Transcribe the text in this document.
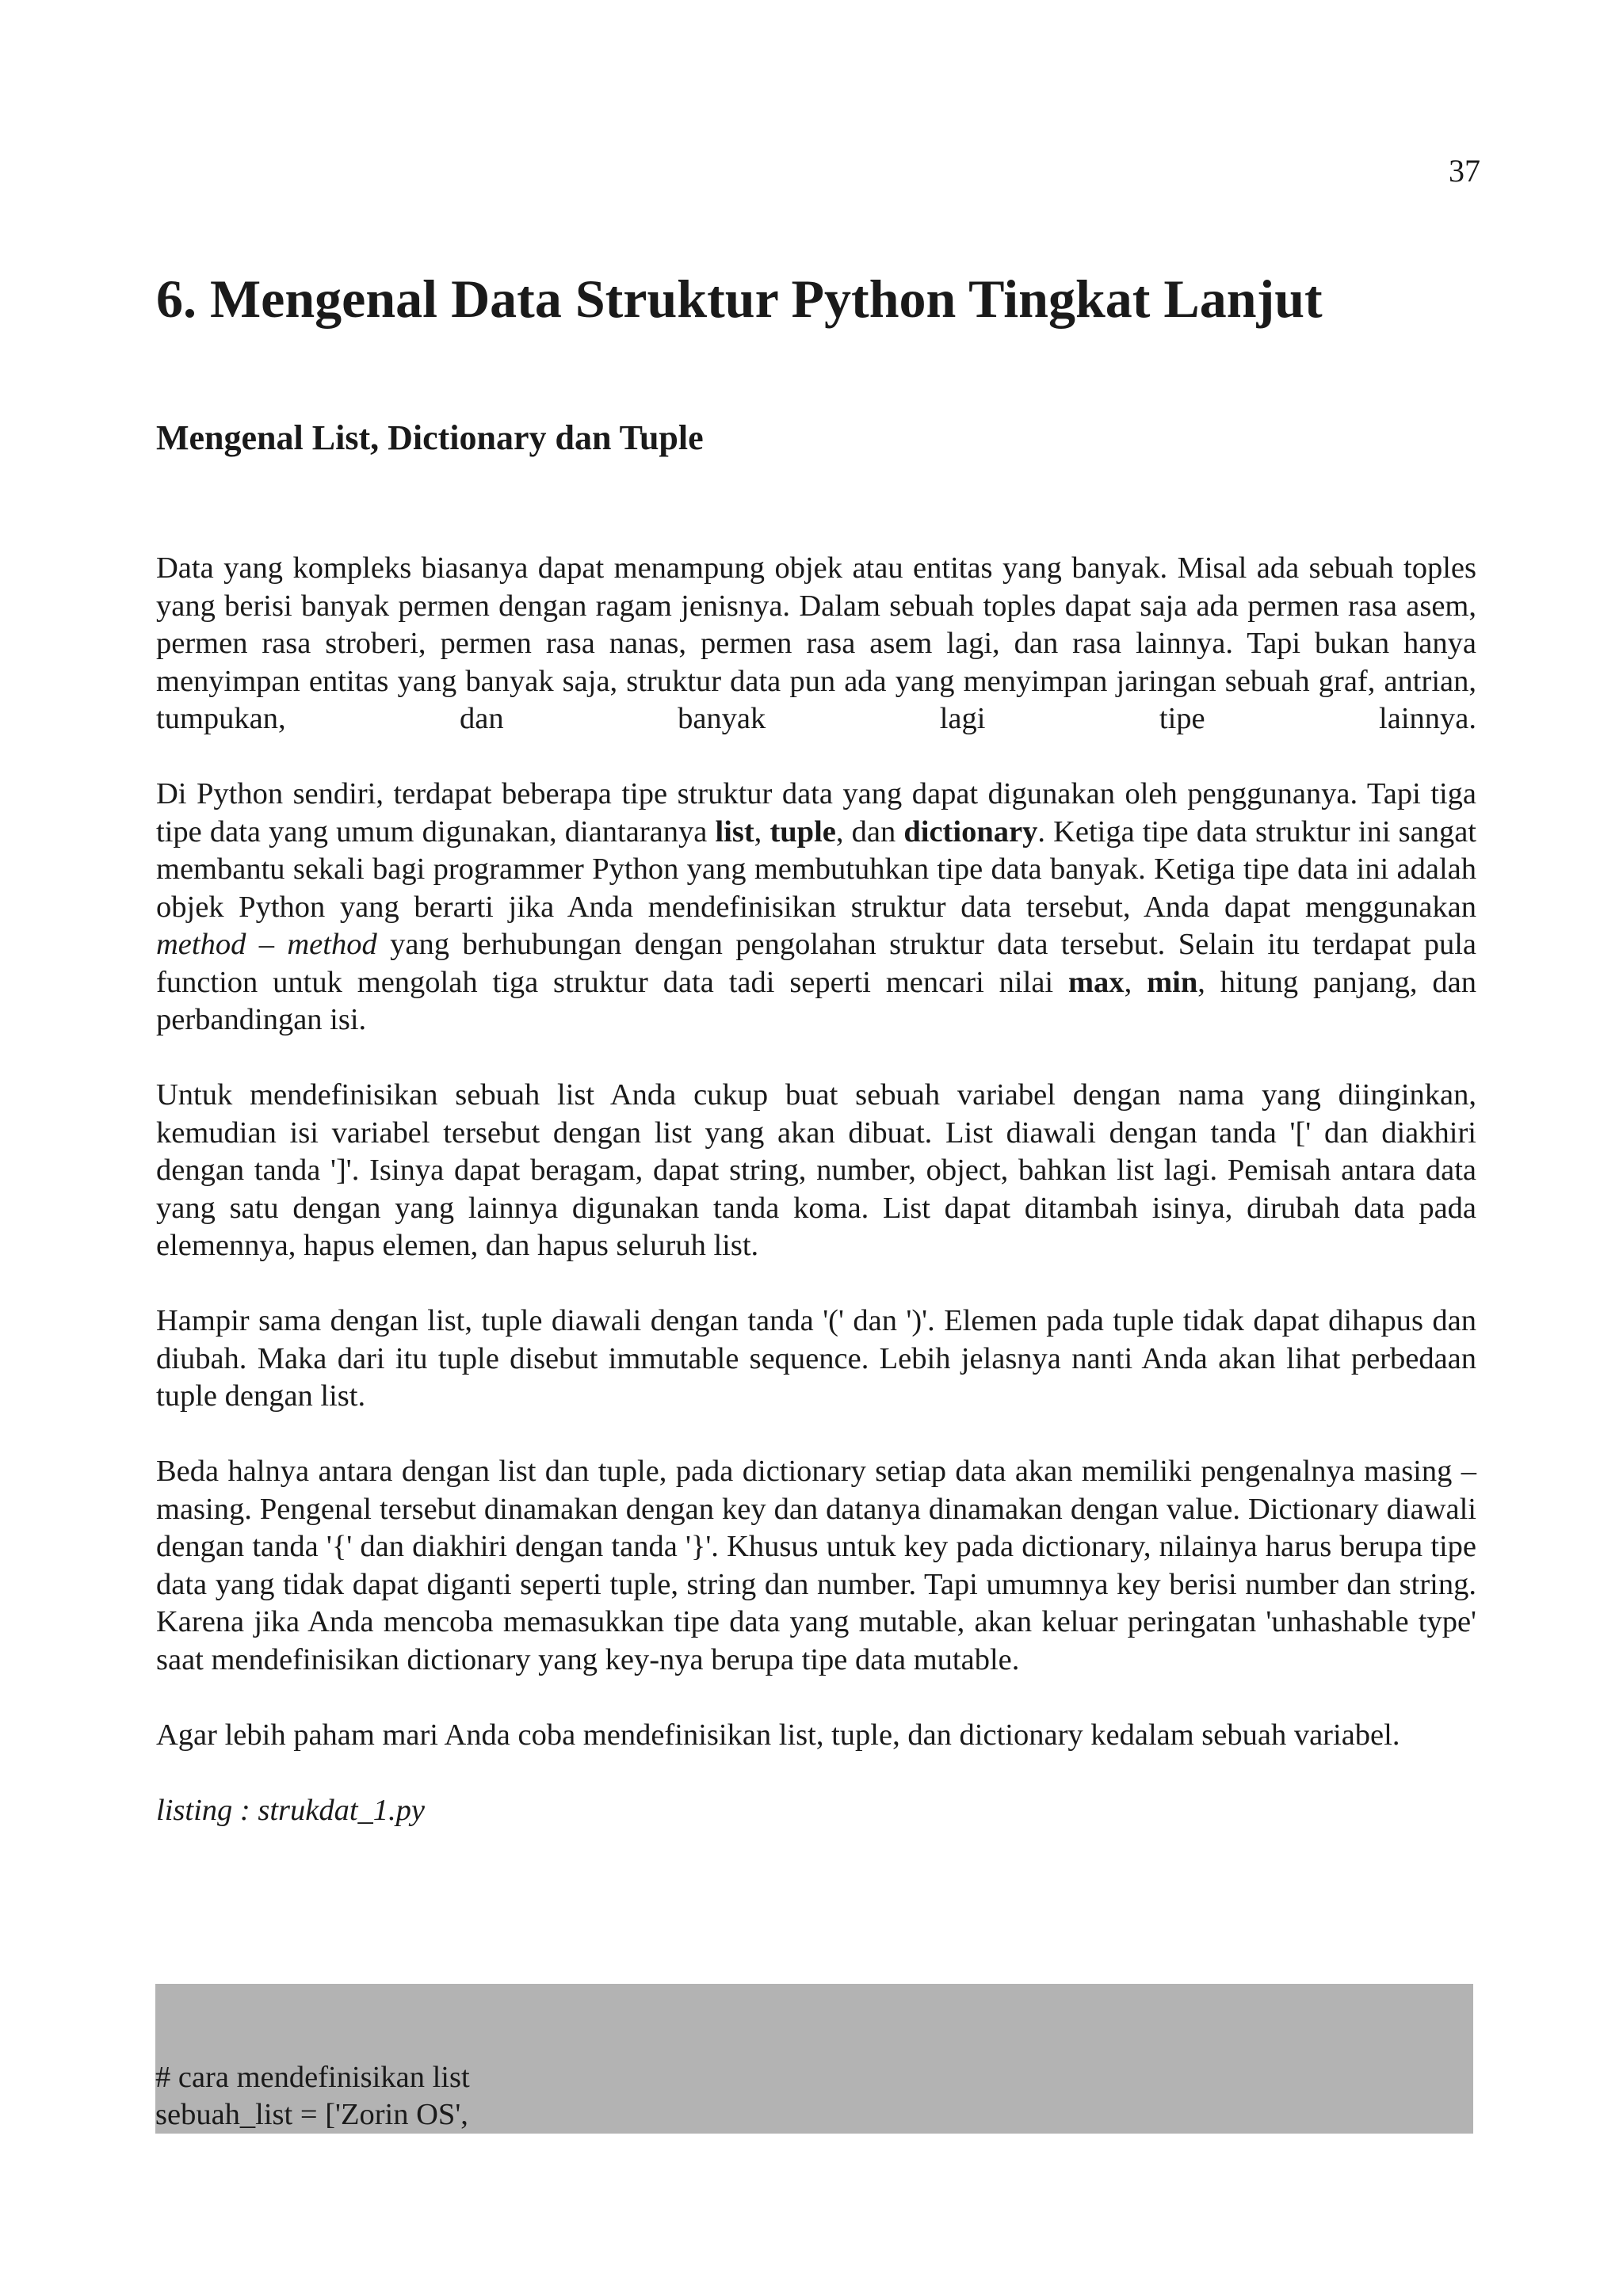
37
6. Mengenal Data Struktur Python Tingkat Lanjut
Mengenal List, Dictionary dan Tuple

Data yang kompleks biasanya dapat menampung objek atau entitas yang banyak. Misal ada sebuah toples yang berisi banyak permen dengan ragam jenisnya. Dalam sebuah toples dapat saja ada permen rasa asem, permen rasa stroberi, permen rasa nanas, permen rasa asem lagi, dan rasa lainnya. Tapi bukan hanya menyimpan entitas yang banyak saja, struktur data pun ada yang menyimpan jaringan sebuah graf, antrian, tumpukan, dan banyak lagi tipe lainnya.

Di Python sendiri, terdapat beberapa tipe struktur data yang dapat digunakan oleh penggunanya. Tapi tiga tipe data yang umum digunakan, diantaranya list, tuple, dan dictionary. Ketiga tipe data struktur ini sangat membantu sekali bagi programmer Python yang membutuhkan tipe data banyak. Ketiga tipe data ini adalah objek Python yang berarti jika Anda mendefinisikan struktur data tersebut, Anda dapat menggunakan method – method yang berhubungan dengan pengolahan struktur data tersebut. Selain itu terdapat pula function untuk mengolah tiga struktur data tadi seperti mencari nilai max, min, hitung panjang, dan perbandingan isi.

Untuk mendefinisikan sebuah list Anda cukup buat sebuah variabel dengan nama yang diinginkan, kemudian isi variabel tersebut dengan list yang akan dibuat. List diawali dengan tanda '[' dan diakhiri dengan tanda ']'. Isinya dapat beragam, dapat string, number, object, bahkan list lagi. Pemisah antara data yang satu dengan yang lainnya digunakan tanda koma. List dapat ditambah isinya, dirubah data pada elemennya, hapus elemen, dan hapus seluruh list.

Hampir sama dengan list, tuple diawali dengan tanda '(' dan ')'. Elemen pada tuple tidak dapat dihapus dan diubah. Maka dari itu tuple disebut immutable sequence. Lebih jelasnya nanti Anda akan lihat perbedaan tuple dengan list.

Beda halnya antara dengan list dan tuple, pada dictionary setiap data akan memiliki pengenalnya masing – masing. Pengenal tersebut dinamakan dengan key dan datanya dinamakan dengan value. Dictionary diawali dengan tanda '{' dan diakhiri dengan tanda '}'. Khusus untuk key pada dictionary, nilainya harus berupa tipe data yang tidak dapat diganti seperti tuple, string dan number. Tapi umumnya key berisi number dan string. Karena jika Anda mencoba memasukkan tipe data yang mutable, akan keluar peringatan 'unhashable type' saat mendefinisikan dictionary yang key-nya berupa tipe data mutable.

Agar lebih paham mari Anda coba mendefinisikan list, tuple, dan dictionary kedalam sebuah variabel.

listing : strukdat_1.py

# cara mendefinisikan list
sebuah_list = ['Zorin OS',
